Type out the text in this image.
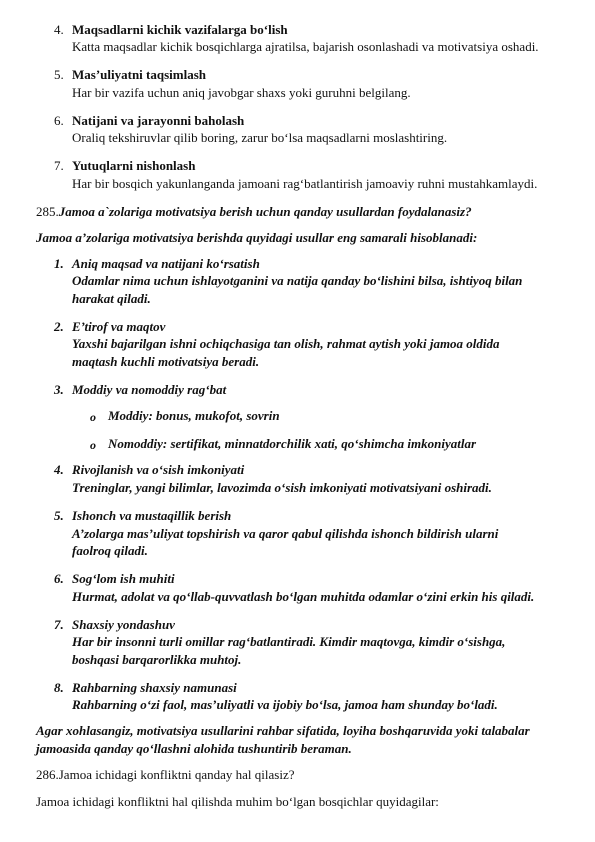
4. Maqsadlarni kichik vazifalarga bo‘lish
Katta maqsadlar kichik bosqichlarga ajratilsa, bajarish osonlashadi va motivatsiya oshadi.
5. Mas’uliyatni taqsimlash
Har bir vazifa uchun aniq javobgar shaxs yoki guruhni belgilang.
6. Natijani va jarayonni baholash
Oraliq tekshiruvlar qilib boring, zarur bo‘lsa maqsadlarni moslashtiring.
7. Yutuqlarni nishonlash
Har bir bosqich yakunlanganda jamoani rag‘batlantirish jamoaviy ruhni mustahkamlaydi.
285.Jamoa a`zolariga motivatsiya berish uchun qanday usullardan foydalanasiz?
Jamoa a’zolariga motivatsiya berishda quyidagi usullar eng samarali hisoblanadi:
1. Aniq maqsad va natijani ko‘rsatish
Odamlar nima uchun ishlayotganini va natija qanday bo‘lishini bilsa, ishtiyoq bilan
harakat qiladi.
2. E’tirof va maqtov
Yaxshi bajarilgan ishni ochiqchasiga tan olish, rahmat aytish yoki jamoa oldida
maqtash kuchli motivatsiya beradi.
3. Moddiy va nomoddiy rag‘bat
o Moddiy: bonus, mukofot, sovrin
o Nomoddiy: sertifikat, minnatdorchilik xati, qo‘shimcha imkoniyatlar
4. Rivojlanish va o‘sish imkoniyati
Treninglar, yangi bilimlar, lavozimda o‘sish imkoniyati motivatsiyani oshiradi.
5. Ishonch va mustaqillik berish
A’zolarga mas’uliyat topshirish va qaror qabul qilishda ishonch bildirish ularni
faolroq qiladi.
6. Sog‘lom ish muhiti
Hurmat, adolat va qo‘llab-quvvatlash bo‘lgan muhitda odamlar o‘zini erkin his qiladi.
7. Shaxsiy yondashuv
Har bir insonni turli omillar rag‘batlantiradi. Kimdir maqtovga, kimdir o‘sishga,
boshqasi barqarorlikka muhtoj.
8. Rahbarning shaxsiy namunasi
Rahbarning o‘zi faol, mas’uliyatli va ijobiy bo‘lsa, jamoa ham shunday bo‘ladi.
Agar xohlasangiz, motivatsiya usullarini rahbar sifatida, loyiha boshqaruvida yoki talabalar
jamoasida qanday qo‘llashni alohida tushuntirib beraman.
286.Jamoa ichidagi konfliktni qanday hal qilasiz?
Jamoa ichidagi konfliktni hal qilishda muhim bo‘lgan bosqichlar quyidagilar:
